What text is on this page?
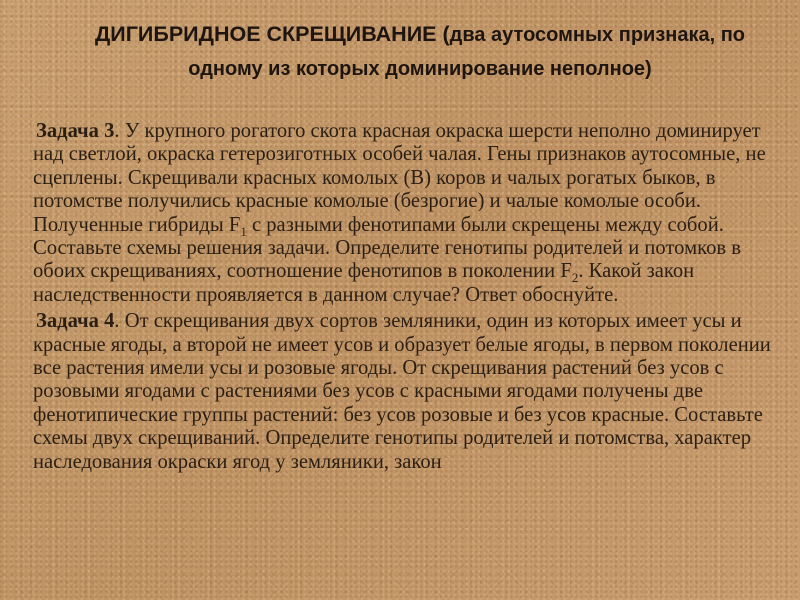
ДИГИБРИДНОЕ СКРЕЩИВАНИЕ (два аутосомных признака, по одному из которых доминирование неполное)

Задача 3. У крупного рогатого скота красная окраска шерсти неполно доминирует над светлой, окраска гетерозиготных особей чалая. Гены признаков аутосомные, не сцеплены. Скрещивали красных комолых (В) коров и чалых рогатых быков, в потомстве получились красные комолые (безрогие) и чалые комолые особи. Полученные гибриды $F_1$ с разными фенотипами были скрещены между собой. Составьте схемы решения задачи. Определите генотипы родителей и потомков в обоих скрещиваниях, соотношение фенотипов в поколении $F_2$. Какой закон наследственности проявляется в данном случае? Ответ обоснуйте.

Задача 4. От скрещивания двух сортов земляники, один из которых имеет усы и красные ягоды, а второй не имеет усов и образует белые ягоды, в первом поколении все растения имели усы и розовые ягоды. От скрещивания растений без усов с розовыми ягодами с растениями без усов с красными ягодами получены две фенотипические группы растений: без усов розовые и без усов красные. Составьте схемы двух скрещиваний. Определите генотипы родителей и потомства, характер наследования окраски ягод у земляники, закон
